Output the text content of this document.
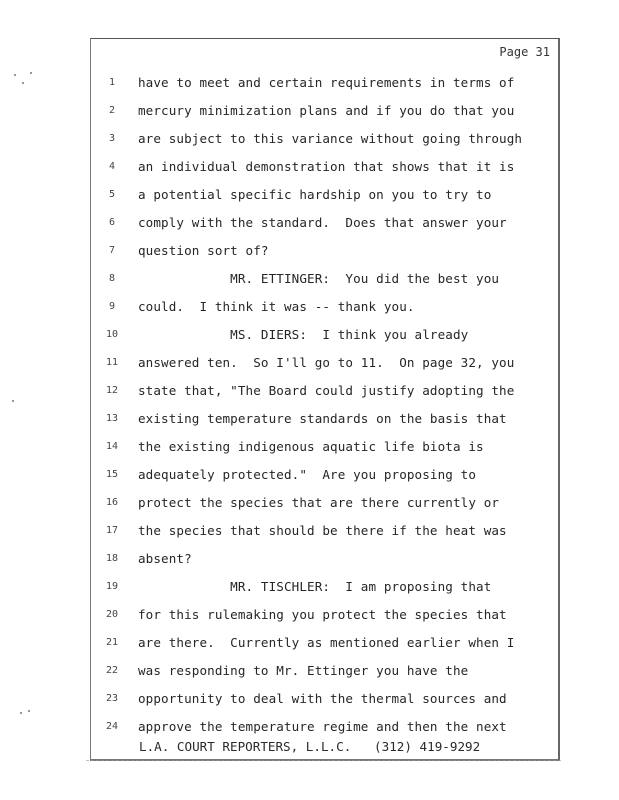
Page 31
1	have to meet and certain requirements in terms of
2	mercury minimization plans and if you do that you
3	are subject to this variance without going through
4	an individual demonstration that shows that it is
5	a potential specific hardship on you to try to
6	comply with the standard.  Does that answer your
7	question sort of?
8	MR. ETTINGER:  You did the best you
9	could.  I think it was -- thank you.
10	MS. DIERS:  I think you already
11	answered ten.  So I'll go to 11.  On page 32, you
12	state that, "The Board could justify adopting the
13	existing temperature standards on the basis that
14	the existing indigenous aquatic life biota is
15	adequately protected."  Are you proposing to
16	protect the species that are there currently or
17	the species that should be there if the heat was
18	absent?
19	MR. TISCHLER:  I am proposing that
20	for this rulemaking you protect the species that
21	are there.  Currently as mentioned earlier when I
22	was responding to Mr. Ettinger you have the
23	opportunity to deal with the thermal sources and
24	approve the temperature regime and then the next
L.A. COURT REPORTERS, L.L.C.   (312) 419-9292
